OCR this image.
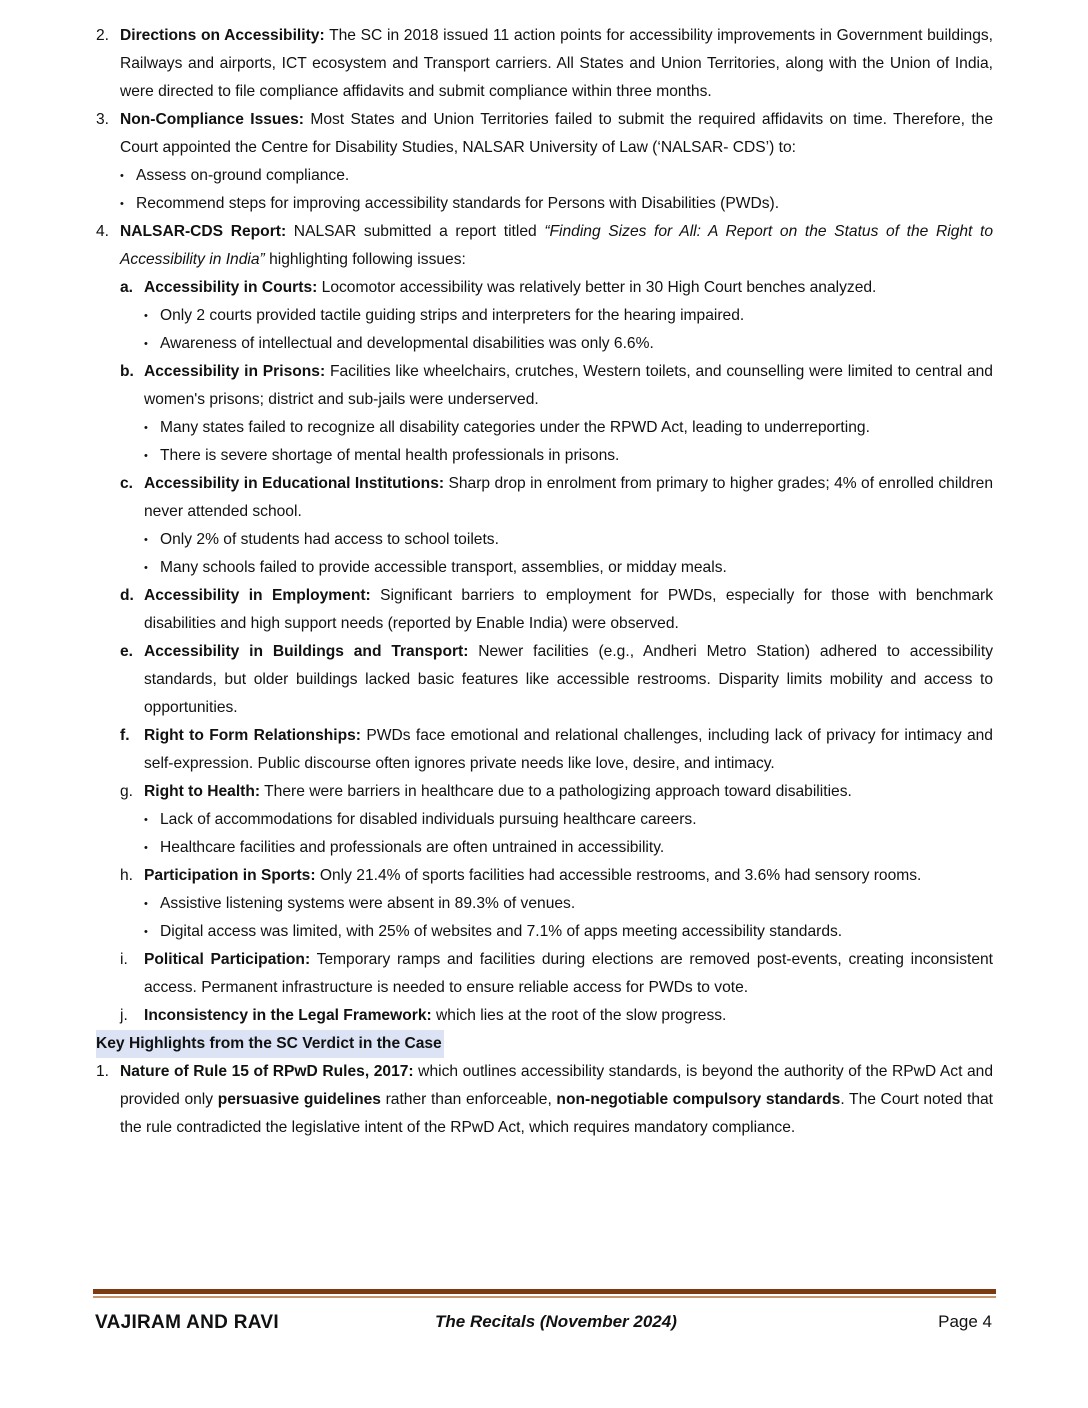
2. Directions on Accessibility: The SC in 2018 issued 11 action points for accessibility improvements in Government buildings, Railways and airports, ICT ecosystem and Transport carriers. All States and Union Territories, along with the Union of India, were directed to file compliance affidavits and submit compliance within three months.
3. Non-Compliance Issues: Most States and Union Territories failed to submit the required affidavits on time. Therefore, the Court appointed the Centre for Disability Studies, NALSAR University of Law (‘NALSAR- CDS’) to:
• Assess on-ground compliance.
• Recommend steps for improving accessibility standards for Persons with Disabilities (PWDs).
4. NALSAR-CDS Report: NALSAR submitted a report titled “Finding Sizes for All: A Report on the Status of the Right to Accessibility in India” highlighting following issues:
a. Accessibility in Courts: Locomotor accessibility was relatively better in 30 High Court benches analyzed.
• Only 2 courts provided tactile guiding strips and interpreters for the hearing impaired.
• Awareness of intellectual and developmental disabilities was only 6.6%.
b. Accessibility in Prisons: Facilities like wheelchairs, crutches, Western toilets, and counselling were limited to central and women's prisons; district and sub-jails were underserved.
• Many states failed to recognize all disability categories under the RPWD Act, leading to underreporting.
• There is severe shortage of mental health professionals in prisons.
c. Accessibility in Educational Institutions: Sharp drop in enrolment from primary to higher grades; 4% of enrolled children never attended school.
• Only 2% of students had access to school toilets.
• Many schools failed to provide accessible transport, assemblies, or midday meals.
d. Accessibility in Employment: Significant barriers to employment for PWDs, especially for those with benchmark disabilities and high support needs (reported by Enable India) were observed.
e. Accessibility in Buildings and Transport: Newer facilities (e.g., Andheri Metro Station) adhered to accessibility standards, but older buildings lacked basic features like accessible restrooms. Disparity limits mobility and access to opportunities.
f. Right to Form Relationships: PWDs face emotional and relational challenges, including lack of privacy for intimacy and self-expression. Public discourse often ignores private needs like love, desire, and intimacy.
g. Right to Health: There were barriers in healthcare due to a pathologizing approach toward disabilities.
• Lack of accommodations for disabled individuals pursuing healthcare careers.
• Healthcare facilities and professionals are often untrained in accessibility.
h. Participation in Sports: Only 21.4% of sports facilities had accessible restrooms, and 3.6% had sensory rooms.
• Assistive listening systems were absent in 89.3% of venues.
• Digital access was limited, with 25% of websites and 7.1% of apps meeting accessibility standards.
i. Political Participation: Temporary ramps and facilities during elections are removed post-events, creating inconsistent access. Permanent infrastructure is needed to ensure reliable access for PWDs to vote.
j. Inconsistency in the Legal Framework: which lies at the root of the slow progress.
Key Highlights from the SC Verdict in the Case
1. Nature of Rule 15 of RPwD Rules, 2017: which outlines accessibility standards, is beyond the authority of the RPwD Act and provided only persuasive guidelines rather than enforceable, non-negotiable compulsory standards. The Court noted that the rule contradicted the legislative intent of the RPwD Act, which requires mandatory compliance.
VAJIRAM AND RAVI	The Recitals (November 2024)	Page 4
